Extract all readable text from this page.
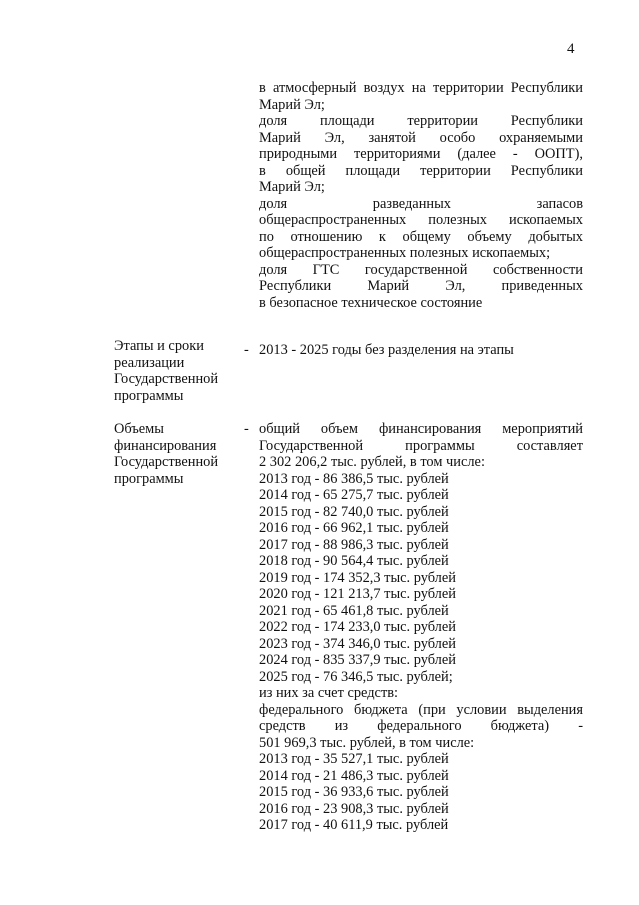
4
в атмосферный воздух на территории Республики
Марий Эл;
доля площади территории Республики
Марий Эл, занятой особо охраняемыми
природными территориями (далее - ООПТ),
в общей площади территории Республики
Марий Эл;
доля разведанных запасов
общераспространенных полезных ископаемых
по отношению к общему объему добытых
общераспространенных полезных ископаемых;
доля ГТС государственной собственности
Республики Марий Эл, приведенных
в безопасное техническое состояние
Этапы и сроки
реализации
Государственной
программы
- 2013 - 2025 годы без разделения на этапы
Объемы
финансирования
Государственной
программы
- общий объем финансирования мероприятий
Государственной программы составляет
2 302 206,2 тыс. рублей, в том числе:
2013 год - 86 386,5 тыс. рублей
2014 год - 65 275,7 тыс. рублей
2015 год - 82 740,0 тыс. рублей
2016 год - 66 962,1 тыс. рублей
2017 год - 88 986,3 тыс. рублей
2018 год - 90 564,4 тыс. рублей
2019 год - 174 352,3 тыс. рублей
2020 год - 121 213,7 тыс. рублей
2021 год - 65 461,8 тыс. рублей
2022 год - 174 233,0 тыс. рублей
2023 год - 374 346,0 тыс. рублей
2024 год - 835 337,9 тыс. рублей
2025 год - 76 346,5 тыс. рублей;
из них за счет средств:
федерального бюджета (при условии выделения
средств из федерального бюджета) -
501 969,3 тыс. рублей, в том числе:
2013 год - 35 527,1 тыс. рублей
2014 год - 21 486,3 тыс. рублей
2015 год - 36 933,6 тыс. рублей
2016 год - 23 908,3 тыс. рублей
2017 год - 40 611,9 тыс. рублей
